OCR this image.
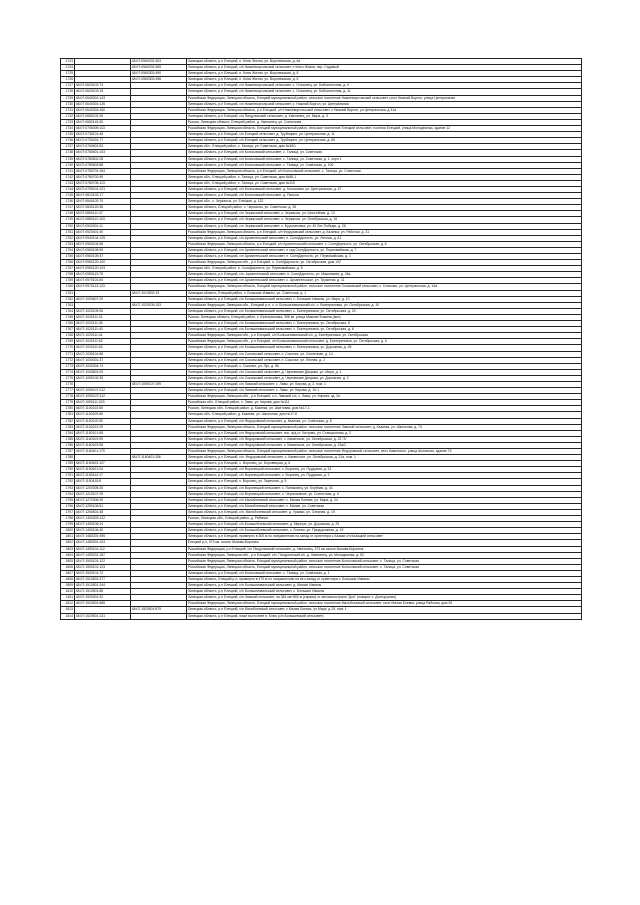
1723		48:07:0560302:363	Липецкая область, р-н Елецкий, п. Ключ Жизни, ул. Воронежская, д. 6а
1724		48:07:0560302:365	Липецкая область, р-н Елецкий, с/п Нижневоргольский сельсовет, п Ключ Жизни, пер. Садовый
1725		48:07:0560302:490	Липецкая область, р-н Елецкий, п. Ключ Жизни, ул. Воронежская, д. 8
1726		48:07:0560302:498	Липецкая область, р-н Елецкий, п. Ключ Жизни, ул. Воронежская, д. 6
1727	48:07:0620102:73		Липецкая область, р-н Елецкий, с/п Нижневоргольский сельсовет, с. Ольховец, ул. Библиотечная, д. 6
1728	48:07:0620103:19		Липецкая область, р-н Елецкий, с/п Нижневоргольский сельсовет, с. Ольховец, ул. Библиотечная, д. 11
1729	48:07:0640301:143		Российская Федерация, Липецкая область, Елецкий муниципальный район, сельское поселение Нижневоргольский сельсовет, село Нижний Воргол, улица Центральная
1730	48:07:0640301:126		Липецкая область, р-н Елецкий, с/п Нижневоргольский сельсовет, с. Нижний Воргол, ул. Центральная
1731	48:07:0640303:150		Российская Федерация, Липецкая область, р-н Елецкий, с/п Нижневоргольский сельсовет, с Нижний Воргол, ул Центральная, д 31а
1732	48:07:0650102:26		Липецкая область, р-н Елецкий, с/п Пищулинский сельсовет, д. Хмелинец, ул. Мира, д. 3
1733	48:07:0650115:35		Россия, Липецкая область, Елецкий район, д. Хмелинец, ул. Солнечная
1734	48:07:0706005:113		Российская Федерация, Липецкая область, Елецкий муниципальный район, сельское поселение Елецкий сельсовет, поселок Елецкий, улица Молодежная, здание 12
1735	48:07:0730101:48		Липецкая область, р-н Елецкий, с/п Елецкий сельсовет, д. Трубицино, ул. Центральная, д. 11
1736	48:07:0730401:77		Липецкая область, р-н Елецкий, с/п Елецкий сельсовет, д. Трубицино, ул. Центральная, д. 66
1737	48:07:0760601:53		Липецкая обл., Елецкий район, с. Талица, ул. Советская, дом №35/1
1738	48:07:0780601:103		Липецкая область, р-н Елецкий, с/п Колосовский сельсовет, с. Талица, ул. Советская
1739	48:07:0780602:28		Липецкая область, р-н Елецкий, с/п Колосовский сельсовет, с. Талица, ул. Советская, д. 1, корп 1
1740	48:07:0780602:88		Липецкая область, р-н Елецкий, с/п Колосовский сельсовет, с. Талица, ул. Советская, д. 106
1741	48:07:0780701:164		Российская Федерация, Липецкая область, р-н Елецкий, с/п Колосовский сельсовет, с. Талица, ул. Советская
1742	48:07:0780702:59		Липецкая обл., Елецкий район, с. Талица, ул. Советская, дом №86-1
1743	48:07:0780705:113		Липецкая обл., Елецкий район, с. Талица, ул. Советская, дом №119
1744	48:07:0790101:121		Липецкая область, р-н Елецкий, с/п Колосовский сельсовет, д. Колосовка, ул. Центральная, д. 47
1745	48:07:0810102:17		Липецкая область, р-н Елецкий, с/п Колосовский сельсовет, д. Пальна
1746	48:07:0840102:70		Липецкая обл., с. Черкассы, ул. Елецкая, д. 122
1747	48:07:0840120:38		Липецкая область, Елецкий район, с. Черкассы, ул. Советская, д. 18
1748	48:07:0860111:47		Липецкая область, р-н Елецкий, с/п Черкасский сельсовет, с. Черкассы, ул. Шоссейная, д. 13
1749	48:07:0880112:103		Липецкая область, р-н Елецкий, с/п Черкасский сельсовет, с. Черкассы, ул. Октябрьская, д. 16
1750	48:07:0900301:11		Липецкая область, р-н Елецкий, с/п Черкасский сельсовет, с. Бруслановка, ул. 40 Лет Победы, д. 26
1751	48:07:0920401:40		Российская Федерация, Липецкая область, р-н Елецкий, с/п Федоровский сельсовет, д. Казинка, ул. Рабочая, д. 31
1752	48:07:0940104:125		Липецкая область, р-н Елецкий, с/п Архангельский сельсовет, п. СолнДарность, ул. Лесная, д. 61
1753	48:07:0960104:58		Российская Федерация, Липецкая область, р-н Елецкий, с/п Архангельский сельсовет, с. СолнДарность, ул. Октябрьская, д. 8
1754	48:07:0960108:59		Липецкая область, р-н Елецкий, с/п Архангельский сельсовет, п сад СолнДарность, ул. Первомайская, д. 7
1755	48:07:0960109:37		Липецкая область, р-н Елецкий, с/п Архангельский сельсовет, п. СолнДарность, ул. Первомайская, д. 1
1756	48:07:0960120:100		Российская Федерация, Липецкая обл., р-н Елецкий, п. СолнДарность, ул. Октябрьская, дом 102
1757	48:07:0960120:103		Липецкая обл., Елецкий район, п. СолнДарность, ул. Первомайская, д. 5
1758	48:07:0980113:79		Липецкая область, р-н Елецкий, с/п. Архангельский сельсовет, п. СолнДарность, ул. Максимова, д. 26а
1759	48:07:0970101:60		Липецкая область, р-н Елецкий, с/п Архангельский сельсовет, с. Архангельское, ул. Труженик, д. 11
1760	48:07:0970113:123		Российская Федерация, Липецкая область, Елецкий муниципальный район, сельское поселение Голиковский сельсовет, с. Голиково, ул. Центральная, д. 14а
1761		48:07:1010502:19	Липецкая область, Елецкий район, с. Большие Извалы, ул. Советская, д. 1
1762	48:07:1000607:29		Липецкая область, р-н Елецкий, с/п Большеизвальский сельсовет, с. Большие Извалы, ул. Мира, д. 10
1763		48:07:1020105:153	Российская Федерация, Липецкая обл., Елецкий р-н, с. п. Большеизвальский с/с, с. Екатериновка, ул. Октябрьская, д. 10
1764	48:07:1020109:26		Липецкая область, р-н Елецкий, с/п Большеизвальский сельсовет, с. Екатериновка, ул. Октябрьская, д. 24
1765	48:07:1020111:31		Россия, Липецкая область, Елецкий район, с. Екатериновка, 398 кв. улица Максим Фомина (мкн)
1766	48:07:1020111:35		Липецкая область, р-н Елецкий, с/п Большеизвальский сельсовет, с. Екатериновка, ул. Октябрьская, 8
1767	48:07:1020111:40		Липецкая область, р-н Елецкий, с/п Большеизвальский сельсовет, с. Екатериновка, ул. Октябрьская, д. 6
1768	48:07:1020111:41		Российская Федерация, Липецкая обл., р-н Елецкий, с/п Большеизвальский с/с, д. Екатериновка, ул. Октябрьская
1769	48:07:1020111:62		Российская Федерация, Липецкая обл., р-н Елецкий, с/п Большеизвальский сельсовет, д. Екатериновка, ул. Октябрьская, д. 6
1770	48:07:1020111:62		Липецкая область, р-н Елецкий, с/п Большеизвальский сельсовет, с. Екатериновка, ул. Дорожная, д. 45
1771	48:07:1030101:86		Липецкая область, р-н Елецкий, с/п Сокольский сельсовет, п. Соколье, ул. Солнечная, д. 14
1772	48:07:1030301:37		Липецкая область, р-н Елецкий, с/п Сокольский сельсовет, п. Соколье, ул. Лесная, д. 2
1773	48:07:1030304:74		Липецкая область, р-н Елецкий, с. Соколье, ул. Луч, д. 56
1774	48:07:1040601:93		Липецкая область, р-н Елецкий, с/п Сокольский сельсовет, д. Чернавские Дворики, ул. Мира, д. 1
1775	48:07:1050102:39		Липецкая область, р-н Елецкий, с/п Сокольский сельсовет, д. Чернавские Дворики, ул. Дорожная, д. 2
1776		48:07:1090107:199	Липецкая область, р-н Елецкий, с/п Лавский сельсовет, с. Лавы, ул. Кирова, д. 2, пом. 1
1777	48:07:1090107:212		Липецкая область, р-н Елецкий, с/п Лавский сельсовет, с. Лавы, ул. Кирова, д. 10-1
1778	48:07:1090107:312		Российская Федерация, Липецкая обл., р-н Елецкий, с.п. Лавский с/с, с. Лавы, ул. Кирова, зд. 2а
1779	48:07:1090111:323		Российская обл., Елецкий район, с. Лавы, ул. Кирова, дом №111
1780	48:07:1100103:55		Россия, Липецкая обл., Елецкий район, д. Казинка, ул. Шахтовая, дом №17-1
1781	48:07:1100109:66		Липецкая обл., Елецкий район, д. Казинка, ул. Школьная, дом №17-8
1782	48:07:1100115:35		Липецкая область, р-н Елецкий, с/п Федоровский сельсовет, д. Казинка, ул. Советская, д. 5
1783	48:07:1100123:29		Российская Федерация, Липецкая область, Елецкий муниципальный район, сельское поселение Лавский сельсовет, д. Казинка, ул. Школьная, д. 74
1784	48:07:1150101:58		Липецкая область, р-н Елецкий, с/п Федоровский сельсовет, пос. ж/д ст. Хитрово, ул. Станционная, д. 2
1785	48:07:1160103:95		Липецкая область, р-н Елецкий, с/п Федоровский сельсовет, с. Каменское, ул. Октябрьская, д. 23 "А"
1786	48:07:1160103:98		Липецкая область, р-н Елецкий, с/п Федоровский сельсовет, с. Каменское, ул. Октябрьская, д. 23а/2
1787	48:07:1160401:170		Российская Федерация, Липецкая область, Елецкий муниципальный район, сельское поселение Федоровский сельсовет, село Каменское, улица Школьная, здание 74
1788		48:07:1160401:256	Липецкая область, р-н Елецкий, с/п. Федоровский сельсовет, с. Каменское, ул. Октябрьская, д. 21а, пом. 1
1789	48:07:1190403:127		Липецкая область, р-н Елецкий, с. Воронец, ул. Боровецкая, д. 6
1790	48:07:1190401:24		Липецкая область, р-н Елецкий, с/п Воронецкий сельсовет, с. Воронец, ул. Прудовая, д. 31
1791	48:07:1190414:17		Липецкая область, р-н Елецкий, с/п Воронецкий сельсовет, с. Воронец, ул. Прудовая, д. 3
1792	48:07:1190415:8		Липецкая область, р-н Елецкий, с. Воронец, ул. Заречная, д. 5
1793	48:07:1200305:26		Липецкая область, р-н Елецкий, с/п Воронецкий сельсовет, с. Паниковец, ул. Клубная, д. 41
1794	48:07:1210107:25		Липецкая область, р-н Елецкий, с/п Воронецкий сельсовет, с. Черноземное, ул. Солнечная, д. 6
1795	48:07:1270306:30		Липецкая область, р-н Елецкий, с/п Малобоевский сельсовет, с. Малая Боевка, ул. Мира, д. 24
1796	48:07:1250106:51		Липецкая область, р-н Елецкий, с/п Малобоевский сельсовет, с. Малая, ул. Советская
1797	48:07:1250601:38		Липецкая область, р-н Елецкий, с/п. Малоболевский сельсовет, д. Урывки, ул. Озерная, д. 19
1798	48:07:1300303:122		Россия, Липецкая обл., Елецкий район, д. Рябинки
1799	48:07:1450106:24		Липецкая область, р-н Елецкий, с/п Большебоевский сельсовет, д. Мирную, ул. Дорожная, д. 25
1800	48:07:1450106:40		Липецкая область, р-н Елецкий, с/п Большебоевский сельсовет, с. Бочево, ул. Придорожная, д. 19
1801	48:07:1480201:495		Липецкая область, р-н Елецкий, примерно в 300 м по направлению на запад от ориентира с Казаки с/п Казацкий сельсовет
1802	48:07:1480301:103		Елецкий р-н, 373 км. шоссе Москва-Воронеж
1803	48:07:1490101:112		Российская Федерация, р-н Елецкий, с/п Пищулинский сельсовет, д. Хмелинец, 373 км шоссе Москва-Воронеж
1804	48:07:1490201:187		Российская Федерация, Липецкая обл., р-н Елецкий, с/п. Пищулинский с/с, д. Хмелинец, ул. Молодежная, д. 52
1805	48:07:1500101:122		Российская Федерация, Липецкая область, Елецкий муниципальный район, сельское поселение Колосовский сельсовет, с. Талица, ул. Советская
1806	48:07:1500101:123		Российская Федерация, Липецкая область, Елецкий муниципальный район, сельское поселение Колосовский сельсовет, с. Талица, ул. Советская
1807	48:07:1500101:72		Липецкая область, р-н Елецкий, с/п Колосовский сельсовет, с. Талица, ул. Советская, д. 1
1808	48:07:1510501:377		Липецкая область, Елецкий р-н, примерно в 470 м по направлению на юго-запад от ориентира с. Большие Извалы
1809	48:07:1510501:344		Липецкая область, р-н Елецкий, с/п Большеизвальский сельсовет, д. Малые Извалы
1810	48:07:1510501:88		Липецкая область, р-н Елецкий, с/п Большеизвальский сельсовет, с. Большие Извалы
1811	48:07:1520301:32		Липецкая область, р-н Елецкий, с/п Лавский сельсовет, на 384 км+650 м (справа) от автомагистрали "Дон" (поворот с. Долгоруково)
1812	48:07:1520501:688		Российская Федерация, Липецкая область, Елецкий муниципальный район, сельское поселение Малобоевский сельсовет, село Малая Боевка, улица Рабочая, дом 2б
1813		48:07:1520501:879	Липецкая область, р-н Елецкий, с/п Малобоевский сельсовет, с Малая Боевка, ул Мира, д 2б, пом. 1
1814	48:07:1520501:131		Липецкая область, р-н Елецкий, ниже восточнее п. Ключ (с/п Большевский сельсовет)
